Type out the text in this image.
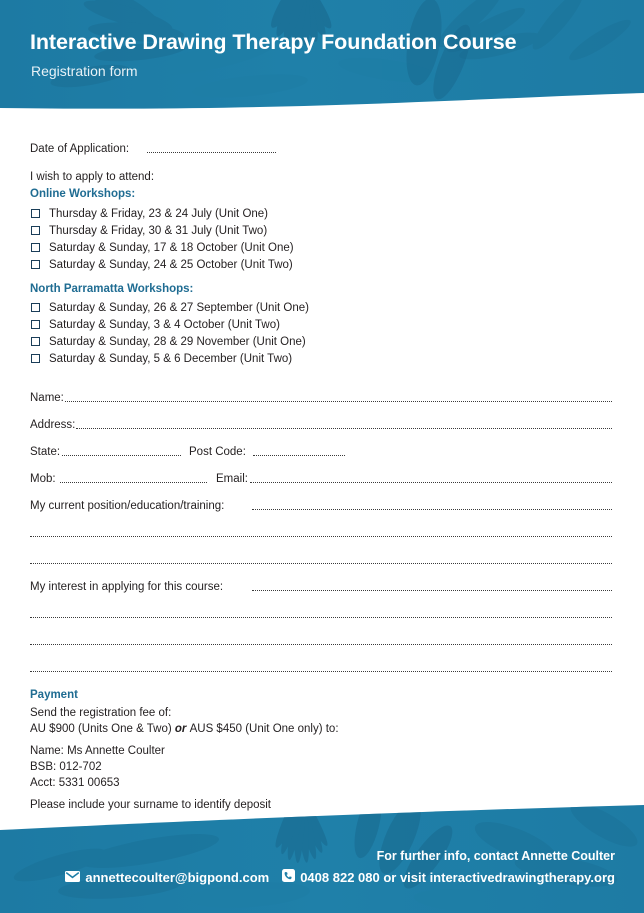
Interactive Drawing Therapy Foundation Course
Registration form
Date of Application:
I wish to apply to attend:
Online Workshops:
Thursday & Friday, 23 & 24 July (Unit One)
Thursday & Friday, 30 & 31 July (Unit Two)
Saturday & Sunday, 17 & 18 October (Unit One)
Saturday & Sunday, 24 & 25 October (Unit Two)
North Parramatta Workshops:
Saturday & Sunday, 26 & 27 September (Unit One)
Saturday & Sunday, 3 & 4 October (Unit Two)
Saturday & Sunday, 28 & 29 November (Unit One)
Saturday & Sunday, 5 & 6 December (Unit Two)
Name:
Address:
State:	Post Code:
Mob:	Email:
My current position/education/training:
My interest in applying for this course:
Payment
Send the registration fee of:
AU $900 (Units One & Two) or AUS $450 (Unit One only) to:
Name: Ms Annette Coulter
BSB: 012-702
Acct: 5331 00653
Please include your surname to identify deposit
For further info, contact Annette Coulter
annettecoulter@bigpond.com 0408 822 080 or visit interactivedrawingtherapy.org
